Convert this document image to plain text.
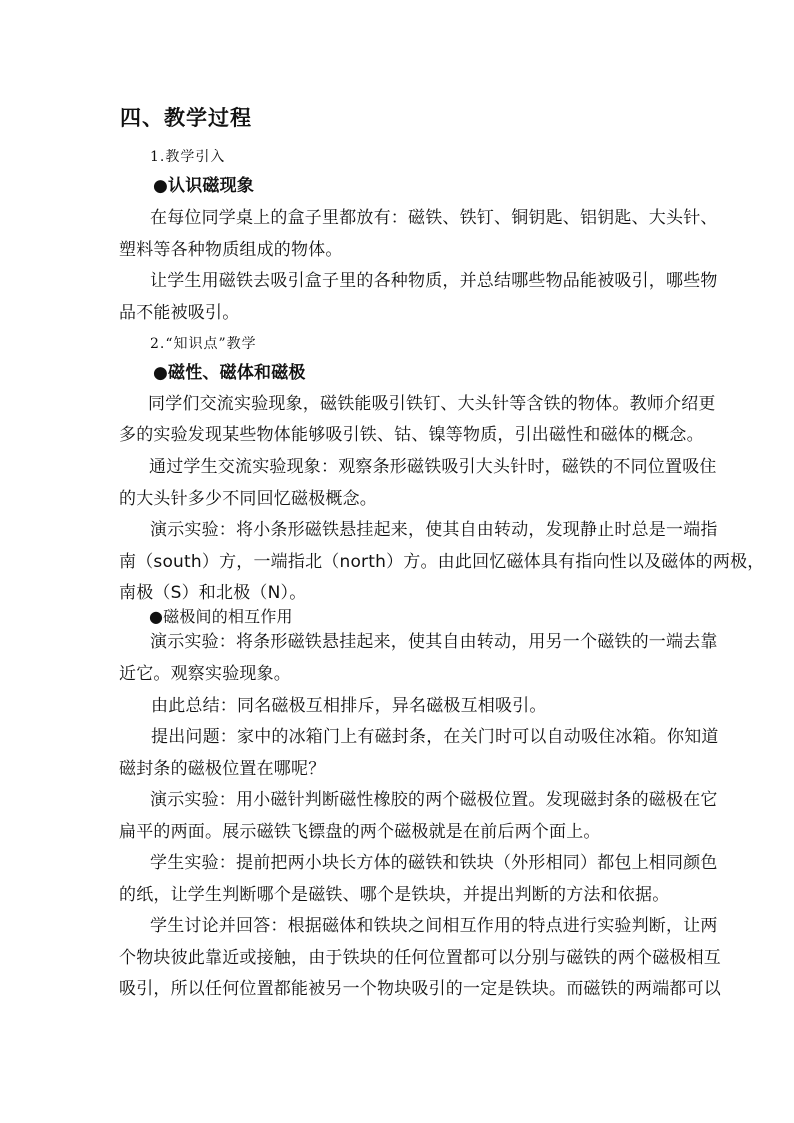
四、教学过程
1.教学引入
●认识磁现象
在每位同学桌上的盒子里都放有：磁铁、铁钉、铜钥匙、铝钥匙、大头针、
塑料等各种物质组成的物体。
让学生用磁铁去吸引盒子里的各种物质，并总结哪些物品能被吸引，哪些物
品不能被吸引。
2.“知识点”教学
●磁性、磁体和磁极
同学们交流实验现象，磁铁能吸引铁钉、大头针等含铁的物体。教师介绍更
多的实验发现某些物体能够吸引铁、钴、镍等物质，引出磁性和磁体的概念。
通过学生交流实验现象：观察条形磁铁吸引大头针时，磁铁的不同位置吸住
的大头针多少不同回忆磁极概念。
演示实验：将小条形磁铁悬挂起来，使其自由转动，发现静止时总是一端指
南（south）方，一端指北（north）方。由此回忆磁体具有指向性以及磁体的两极，
南极（S）和北极（N）。
●磁极间的相互作用
演示实验：将条形磁铁悬挂起来，使其自由转动，用另一个磁铁的一端去靠
近它。观察实验现象。
由此总结：同名磁极互相排斥，异名磁极互相吸引。
提出问题：家中的冰箱门上有磁封条，在关门时可以自动吸住冰箱。你知道
磁封条的磁极位置在哪呢？
演示实验：用小磁针判断磁性橡胶的两个磁极位置。发现磁封条的磁极在它
扁平的两面。展示磁铁飞镖盘的两个磁极就是在前后两个面上。
学生实验：提前把两小块长方体的磁铁和铁块（外形相同）都包上相同颜色
的纸，让学生判断哪个是磁铁、哪个是铁块，并提出判断的方法和依据。
学生讨论并回答：根据磁体和铁块之间相互作用的特点进行实验判断，让两
个物块彼此靠近或接触，由于铁块的任何位置都可以分别与磁铁的两个磁极相互
吸引，所以任何位置都能被另一个物块吸引的一定是铁块。而磁铁的两端都可以
